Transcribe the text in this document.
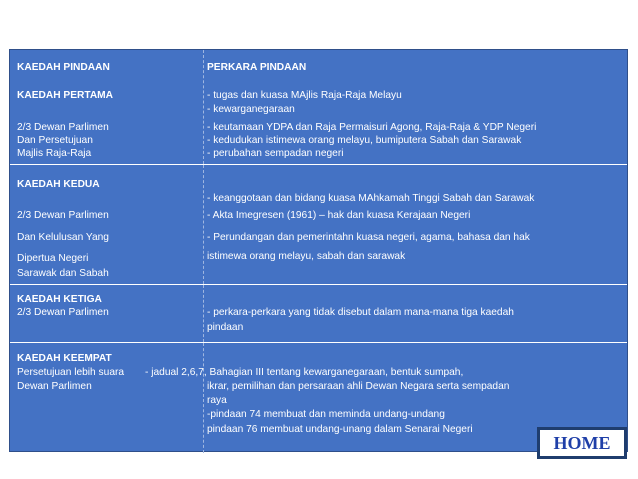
KAEDAH PINDAAN	PERKARA PINDAAN
KAEDAH PERTAMA
2/3 Dewan Parlimen
Dan Persetujuan
Majlis Raja-Raja
- tugas dan kuasa MAjlis Raja-Raja Melayu
- kewarganegaraan
- keutamaan YDPA dan Raja Permaisuri Agong, Raja-Raja & YDP Negeri
- kedudukan istimewa orang melayu, bumiputera Sabah dan Sarawak
- perubahan sempadan negeri
KAEDAH KEDUA
2/3 Dewan Parlimen
Dan Kelulusan Yang
Dipertua Negeri
Sarawak dan Sabah
- keanggotaan dan bidang kuasa MAhkamah Tinggi Sabah dan Sarawak
- Akta Imegresen (1961) – hak dan kuasa Kerajaan Negeri
- Perundangan dan pemerintahn kuasa negeri, agama, bahasa dan hak
istimewa orang melayu, sabah dan sarawak
KAEDAH KETIGA
2/3 Dewan Parlimen	- perkara-perkara yang tidak disebut dalam mana-mana tiga kaedah
pindaan
KAEDAH KEEMPAT
Persetujuan lebih suara
Dewan Parlimen
- jadual 2,6,7, Bahagian III tentang kewarganegaraan, bentuk sumpah,
ikrar, pemilihan dan persaraan ahli Dewan Negara serta sempadan
raya
-pindaan 74 membuat dan meminda undang-undang
pindaan 76 membuat undang-unang dalam Senarai Negeri
HOME
